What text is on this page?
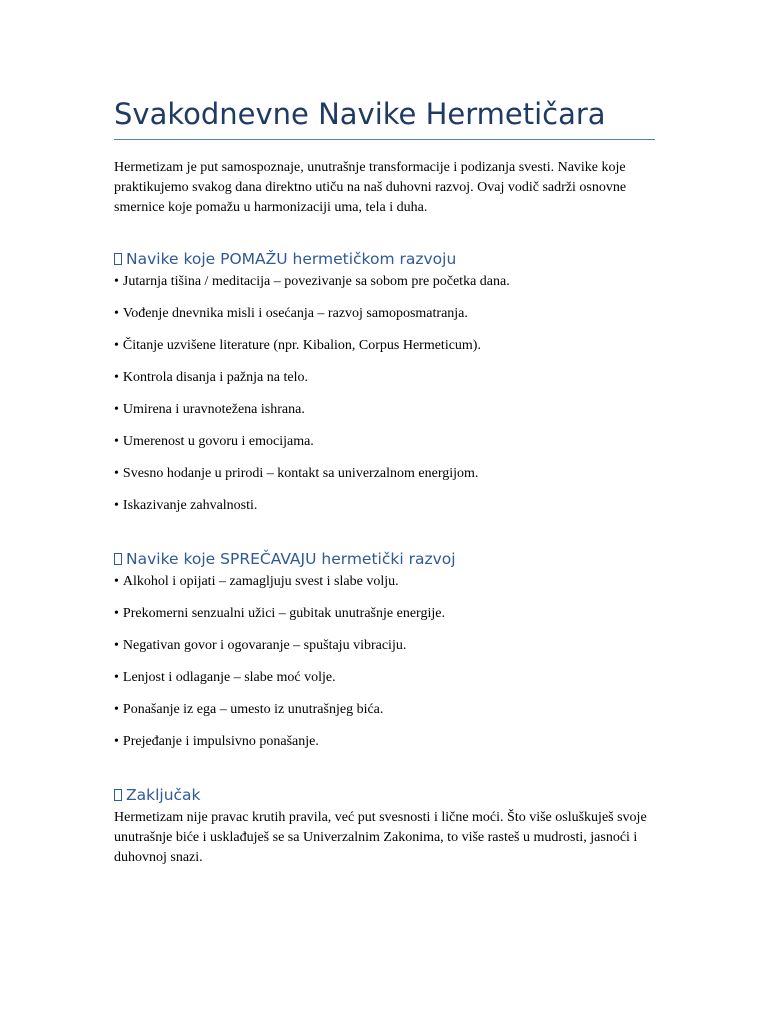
Svakodnevne Navike Hermetičara
Hermetizam je put samospoznaje, unutrašnje transformacije i podizanja svesti. Navike koje praktikujemo svakog dana direktno utiču na naš duhovni razvoj. Ovaj vodič sadrži osnovne smernice koje pomažu u harmonizaciji uma, tela i duha.
Navike koje POMAŽU hermetičkom razvoju
• Jutarnja tišina / meditacija – povezivanje sa sobom pre početka dana.
• Vođenje dnevnika misli i osećanja – razvoj samoposmatranja.
• Čitanje uzvišene literature (npr. Kibalion, Corpus Hermeticum).
• Kontrola disanja i pažnja na telo.
• Umirena i uravnotežena ishrana.
• Umerenost u govoru i emocijama.
• Svesno hodanje u prirodi – kontakt sa univerzalnom energijom.
• Iskazivanje zahvalnosti.
Navike koje SPREČAVAJU hermetički razvoj
• Alkohol i opijati – zamagljuju svest i slabe volju.
• Prekomerni senzualni užici – gubitak unutrašnje energije.
• Negativan govor i ogovaranje – spuštaju vibraciju.
• Lenjost i odlaganje – slabe moć volje.
• Ponašanje iz ega – umesto iz unutrašnjeg bića.
• Prejeđanje i impulsivno ponašanje.
Zaključak
Hermetizam nije pravac krutih pravila, već put svesnosti i lične moći. Što više osluškuješ svoje unutrašnje biće i usklađuješ se sa Univerzalnim Zakonima, to više rasteš u mudrosti, jasnoći i duhovnoj snazi.
